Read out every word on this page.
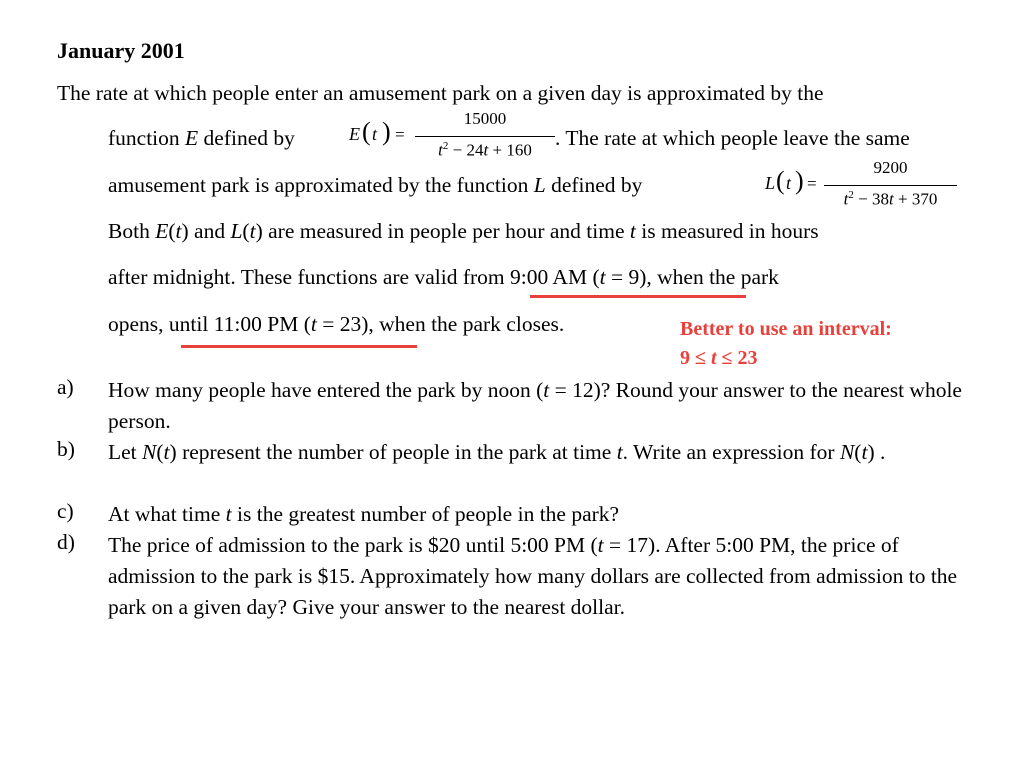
January 2001
The rate at which people enter an amusement park on a given day is approximated by the
function E defined by	E ( t ) =
15000
$t^2 - 24t + 160$
. The rate at which people leave the same
amusement park is approximated by the function L defined by	L ( t ) =
9200
$t^2 - 38t + 370$
Both E(t) and L(t) are measured in people per hour and time t is measured in hours
after midnight. These functions are valid from 9:00 AM (t = 9), when the park
opens, until 11:00 PM (t = 23), when the park closes.	Better to use an interval:
9 ≤ t ≤ 23
a) How many people have entered the park by noon (t = 12)? Round your answer to the nearest whole person.
b) Let N(t) represent the number of people in the park at time t. Write an expression for N(t) .
c) At what time t is the greatest number of people in the park?
d) The price of admission to the park is $20 until 5:00 PM (t = 17). After 5:00 PM, the price of admission to the park is $15. Approximately how many dollars are collected from admission to the park on a given day? Give your answer to the nearest dollar.
